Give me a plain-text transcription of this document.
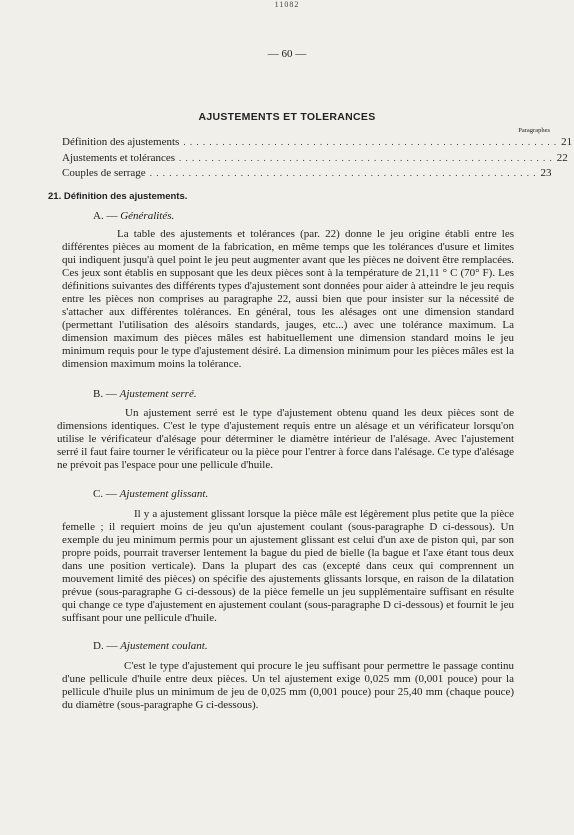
11082
— 60 —
AJUSTEMENTS ET TOLERANCES
Paragraphes
Définition des ajustements . . . . . . . . . . . . . . . . . . . . . . . . . . . . . . . . . . . . . . . . . . . . . . . . . . . . . . . . . . 21
Ajustements et tolérances . . . . . . . . . . . . . . . . . . . . . . . . . . . . . . . . . . . . . . . . . . . . . . . . . . . . . . . . . . 22
Couples de serrage . . . . . . . . . . . . . . . . . . . . . . . . . . . . . . . . . . . . . . . . . . . . . . . . . . . . . . . . . . . . 23
21. Définition des ajustements.
A. — Généralités.
La table des ajustements et tolérances (par. 22) donne le jeu origine établi entre les différentes pièces au moment de la fabrication, en même temps que les tolérances d'usure et limites qui indiquent jusqu'à quel point le jeu peut augmenter avant que les pièces ne doivent être remplacées. Ces jeux sont établis en supposant que les deux pièces sont à la température de 21,11 ° C (70° F). Les définitions suivantes des différents types d'ajustement sont données pour aider à atteindre le jeu requis entre les pièces non comprises au paragraphe 22, aussi bien que pour insister sur la nécessité de s'attacher aux différentes tolérances. En général, tous les alésages ont une dimension standard (permettant l'utilisation des alésoirs standards, jauges, etc...) avec une tolérance maximum. La dimension maximum des pièces mâles est habituellement une dimension standard moins le jeu minimum requis pour le type d'ajustement désiré. La dimension minimum pour les pièces mâles est la dimension maximum moins la tolérance.
B. — Ajustement serré.
Un ajustement serré est le type d'ajustement obtenu quand les deux pièces sont de dimensions identiques. C'est le type d'ajustement requis entre un alésage et un vérificateur lorsqu'on utilise le vérificateur d'alésage pour déterminer le diamètre intérieur de l'alésage. Avec l'ajustement serré il faut faire tourner le vérificateur ou la pièce pour l'entrer à force dans l'alésage. Ce type d'alésage ne prévoit pas l'espace pour une pellicule d'huile.
C. — Ajustement glissant.
Il y a ajustement glissant lorsque la pièce mâle est légèrement plus petite que la pièce femelle ; il requiert moins de jeu qu'un ajustement coulant (sous-paragraphe D ci-dessous). Un exemple du jeu minimum permis pour un ajustement glissant est celui d'un axe de piston qui, par son propre poids, pourrait traverser lentement la bague du pied de bielle (la bague et l'axe étant tous deux dans une position verticale). Dans la plupart des cas (excepté dans ceux qui comprennent un mouvement limité des pièces) on spécifie des ajustements glissants lorsque, en raison de la dilatation prévue (sous-paragraphe G ci-dessous) de la pièce femelle un jeu supplémentaire suffisant en résulte qui change ce type d'ajustement en ajustement coulant (sous-paragraphe D ci-dessous) et fournit le jeu suffisant pour une pellicule d'huile.
D. — Ajustement coulant.
C'est le type d'ajustement qui procure le jeu suffisant pour permettre le passage continu d'une pellicule d'huile entre deux pièces. Un tel ajustement exige 0,025 mm (0,001 pouce) pour la pellicule d'huile plus un minimum de jeu de 0,025 mm (0,001 pouce) pour 25,40 mm (chaque pouce) du diamètre (sous-paragraphe G ci-dessous).
